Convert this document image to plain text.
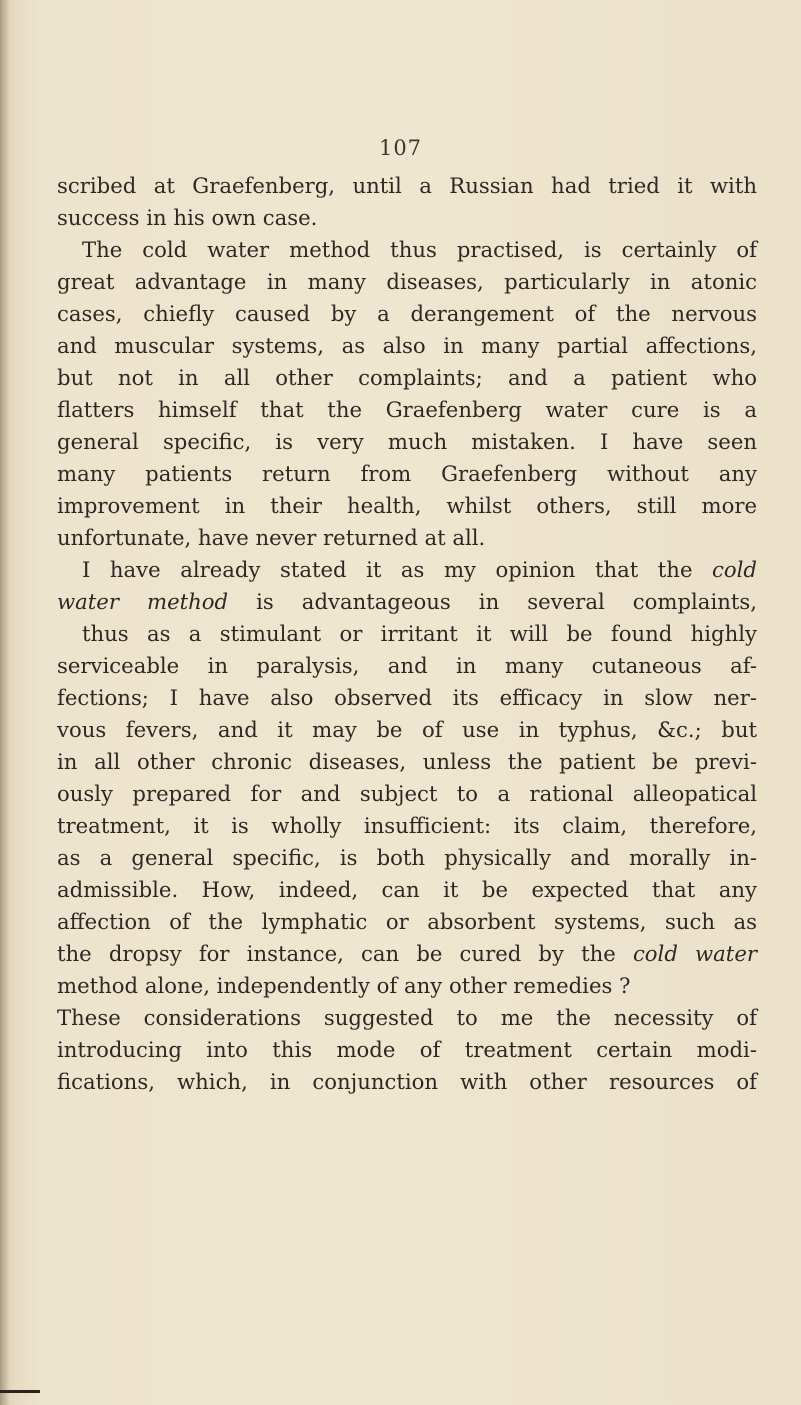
107
scribed at Graefenberg, until a Russian had tried it with
success in his own case.
The cold water method thus practised, is certainly of
great advantage in many diseases, particularly in atonic
cases, chiefly caused by a derangement of the nervous
and muscular systems, as also in many partial affections,
but not in all other complaints; and a patient who
flatters himself that the Graefenberg water cure is a
general specific, is very much mistaken. I have seen
many patients return from Graefenberg without any
improvement in their health, whilst others, still more
unfortunate, have never returned at all.
I have already stated it as my opinion that the cold
water method is advantageous in several complaints,
thus as a stimulant or irritant it will be found highly
serviceable in paralysis, and in many cutaneous af-
fections; I have also observed its efficacy in slow ner-
vous fevers, and it may be of use in typhus, &c.; but
in all other chronic diseases, unless the patient be previ-
ously prepared for and subject to a rational alleopatical
treatment, it is wholly insufficient: its claim, therefore,
as a general specific, is both physically and morally in-
admissible. How, indeed, can it be expected that any
affection of the lymphatic or absorbent systems, such as
the dropsy for instance, can be cured by the cold water
method alone, independently of any other remedies ?
These considerations suggested to me the necessity of
introducing into this mode of treatment certain modi-
fications, which, in conjunction with other resources of
